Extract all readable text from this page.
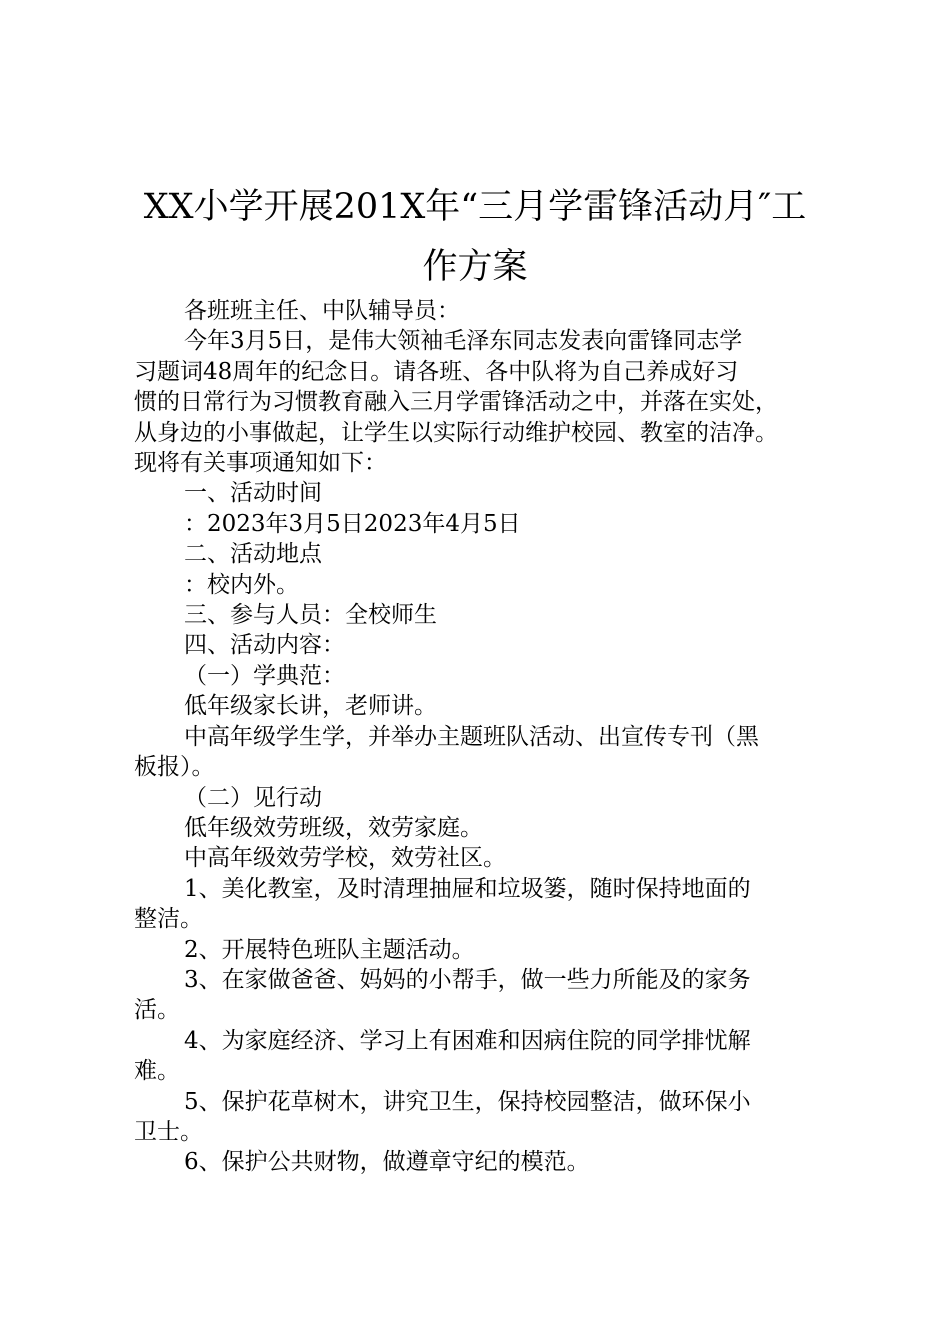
XX小学开展201X年“三月学雷锋活动月″工
作方案

各班班主任、中队辅导员：

今年3月5日，是伟大领袖毛泽东同志发表向雷锋同志学

习题词48周年的纪念日。请各班、各中队将为自己养成好习

惯的日常行为习惯教育融入三月学雷锋活动之中，并落在实处，

从身边的小事做起，让学生以实际行动维护校园、教室的洁净。

现将有关事项通知如下：

一、活动时间

：2023年3月5日2023年4月5日

二、活动地点

：校内外。

三、参与人员：全校师生

四、活动内容：

（一）学典范：

低年级家长讲，老师讲。

中高年级学生学，并举办主题班队活动、出宣传专刊（黑

板报）。

（二）见行动

低年级效劳班级，效劳家庭。

中高年级效劳学校，效劳社区。

1、美化教室，及时清理抽屉和垃圾篓，随时保持地面的

整洁。

2、开展特色班队主题活动。

3、在家做爸爸、妈妈的小帮手，做一些力所能及的家务

活。

4、为家庭经济、学习上有困难和因病住院的同学排忧解

难。

5、保护花草树木，讲究卫生，保持校园整洁，做环保小

卫士。

6、保护公共财物，做遵章守纪的模范。
